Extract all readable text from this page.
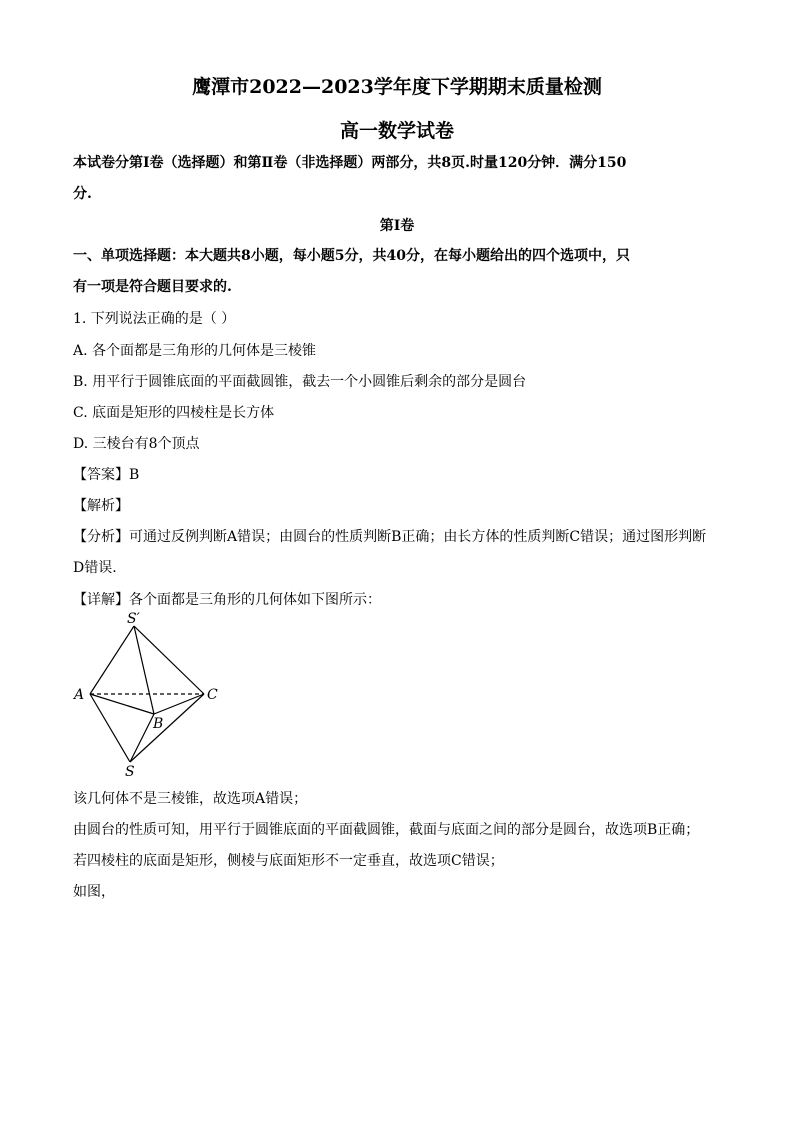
鹰潭市2022—2023学年度下学期期末质量检测
高一数学试卷
本试卷分第Ⅰ卷（选择题）和第Ⅱ卷（非选择题）两部分，共8页.时量120分钟．满分150
分.
第Ⅰ卷
一、单项选择题：本大题共8小题，每小题5分，共40分，在每小题给出的四个选项中，只
有一项是符合题目要求的.
1. 下列说法正确的是（ ）
A. 各个面都是三角形的几何体是三棱锥
B. 用平行于圆锥底面的平面截圆锥，截去一个小圆锥后剩余的部分是圆台
C. 底面是矩形的四棱柱是长方体
D. 三棱台有8个顶点
【答案】B
【解析】
【分析】可通过反例判断A错误；由圆台的性质判断B正确；由长方体的性质判断C错误；通过图形判断
D错误.
【详解】各个面都是三角形的几何体如下图所示：
S′
A	C
B
S
该几何体不是三棱锥，故选项A错误；
由圆台的性质可知，用平行于圆锥底面的平面截圆锥，截面与底面之间的部分是圆台，故选项B正确；
若四棱柱的底面是矩形，侧棱与底面矩形不一定垂直，故选项C错误；
如图，
